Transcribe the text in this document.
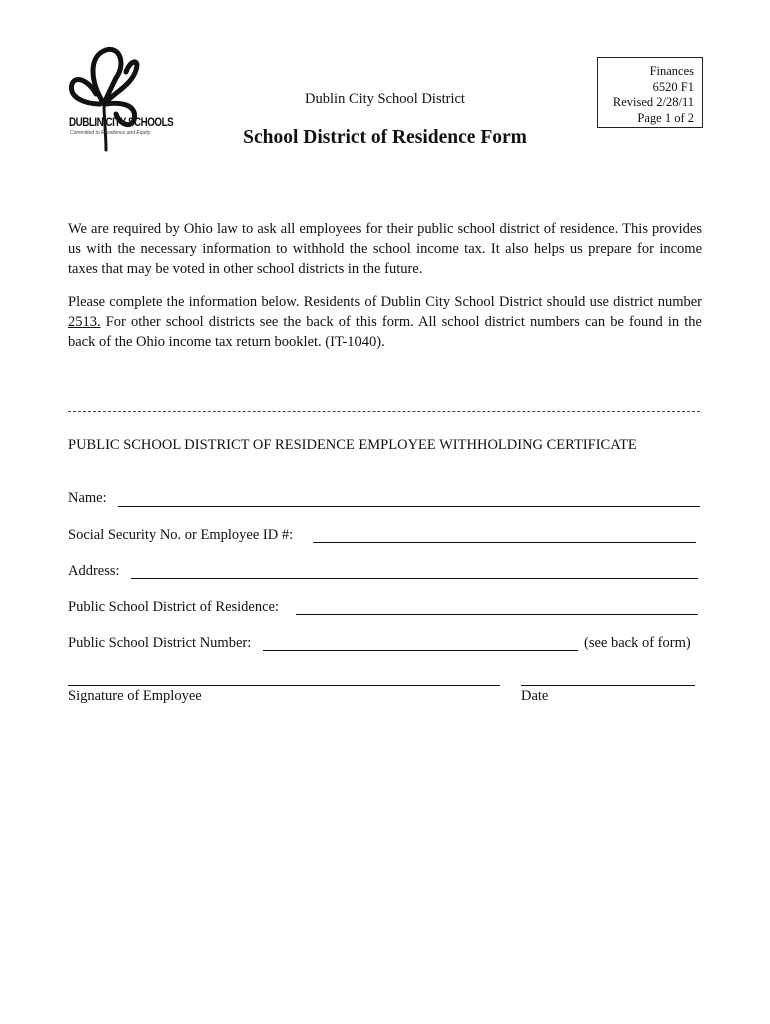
DUBLIN CITY SCHOOLS
Committed to Excellence and Equity
Finances
6520 F1
Revised 2/28/11
Page 1 of 2
Dublin City School District
School District of Residence Form
We are required by Ohio law to ask all employees for their public school district of residence. This provides us with the necessary information to withhold the school income tax. It also helps us prepare for income taxes that may be voted in other school districts in the future.
Please complete the information below. Residents of Dublin City School District should use district number 2513. For other school districts see the back of this form. All school district numbers can be found in the back of the Ohio income tax return booklet. (IT-1040).
PUBLIC SCHOOL DISTRICT OF RESIDENCE EMPLOYEE WITHHOLDING CERTIFICATE
Name:
Social Security No. or Employee ID #:
Address:
Public School District of Residence:
Public School District Number:	(see back of form)
Signature of Employee	Date
